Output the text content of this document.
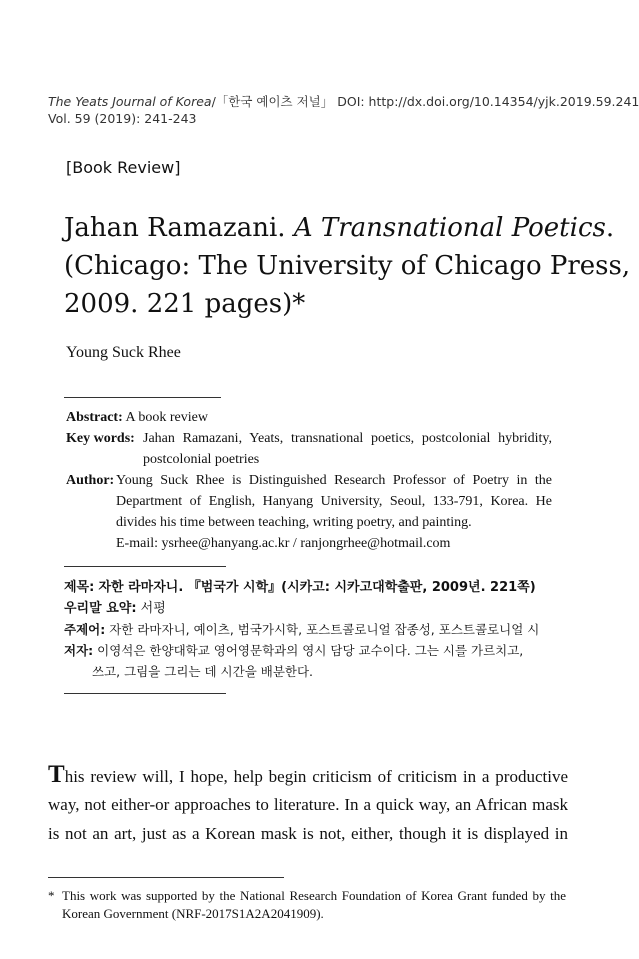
The Yeats Journal of Korea/「한국 예이츠 저널」 DOI: http://dx.doi.org/10.14354/yjk.2019.59.241
Vol. 59 (2019): 241-243
[Book Review]
Jahan Ramazani. A Transnational Poetics.
(Chicago: The University of Chicago Press,
2009. 221 pages)*
Young Suck Rhee
Abstract: A book review
Key words: Jahan Ramazani, Yeats, transnational poetics, postcolonial hybridity,
postcolonial poetries
Author: Young Suck Rhee is Distinguished Research Professor of Poetry in the
Department of English, Hanyang University, Seoul, 133-791, Korea. He
divides his time between teaching, writing poetry, and painting.
E-mail: ysrhee@hanyang.ac.kr / ranjongrhee@hotmail.com
제목: 자한 라마자니. 『범국가 시학』(시카고: 시카고대학출판, 2009년. 221쪽)
우리말 요약: 서평
주제어: 자한 라마자니, 예이츠, 범국가시학, 포스트콜로니얼 잡종성, 포스트콜로니얼 시
저자: 이영석은 한양대학교 영어영문학과의 영시 담당 교수이다. 그는 시를 가르치고,
쓰고, 그림을 그리는 데 시간을 배분한다.
This review will, I hope, help begin criticism of criticism in a productive
way, not either-or approaches to literature. In a quick way, an African mask
is not an art, just as a Korean mask is not, either, though it is displayed in
* This work was supported by the National Research Foundation of Korea Grant funded by the
Korean Government (NRF-2017S1A2A2041909).
